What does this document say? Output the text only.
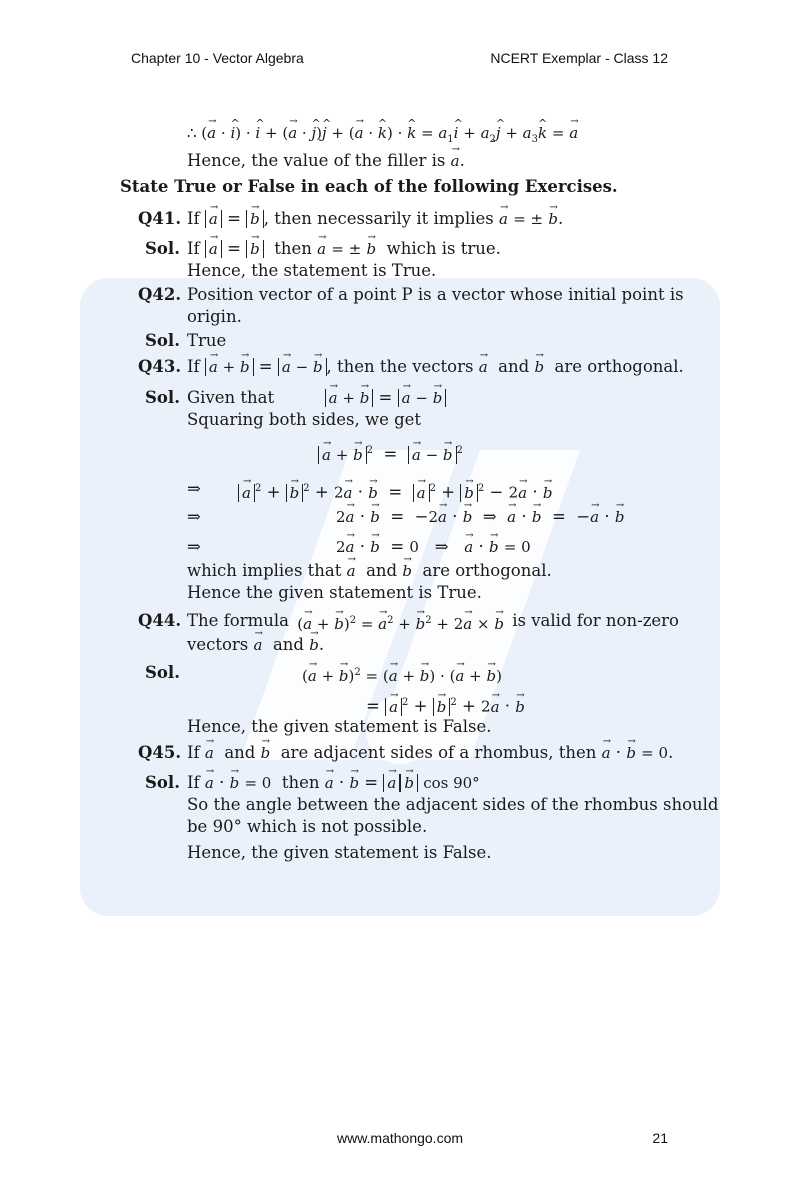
Chapter 10 - Vector Algebra	NCERT Exemplar - Class 12
∴ (→ a · ^ i) · ^ i + (→ a · ^ j)^ j + (→ a · ^ k) · ^ $k = a_1\^{}$ $i + a_2\^{}$ $j + a_3\^{}$ k = → a
Hence, the value of the filler is → a.
State True or False in each of the following Exercises.
Q41. If → a = → b , then necessarily it implies → a = ± → b.
Sol. If → a = → b then → a = ± → b which is true.
Hence, the statement is True.
Q42. Position vector of a point P is a vector whose initial point is
origin.
Sol. True
Q43. If → a + → b = → a − → b , then the vectors → a and → b are orthogonal.
Sol. Given that	→ a + → b = → a − → b
Squaring both sides, we get
→ a + → b $^2$  =  → a − → b $^2$
⇒	→ a $^2$ + → b $^2$ + 2→ a · → b  =  → a $^2$ + → b $^2$ − 2→ a · → b
⇒	2→ a · → b  =  −2→ a · → b  ⇒  → a · → b  =  −→ a · → b
⇒	2→ a · → b  = 0   ⇒   → a · → b = 0
which implies that → a and → b are orthogonal.
Hence the given statement is True.
Q44. The formula (→ a + → b)$^2$ = → $a^2$ + → $b^2 + 2\to a$ × → b is valid for non-zero
vectors → a and → b.
Sol.	(→ a + → b)$^2$ = (→ a + → b) · (→ a + → b)
= → a $^2$ + → b $^2$ + 2→ a · → b
Hence, the given statement is False.
Q45. If → a and → b are adjacent sides of a rhombus, then → a · → b = 0.
Sol. If → a · → b = 0 then → a · → b = → a → b cos 90°
So the angle between the adjacent sides of the rhombus should
be 90° which is not possible.
Hence, the given statement is False.
www.mathongo.com	21
